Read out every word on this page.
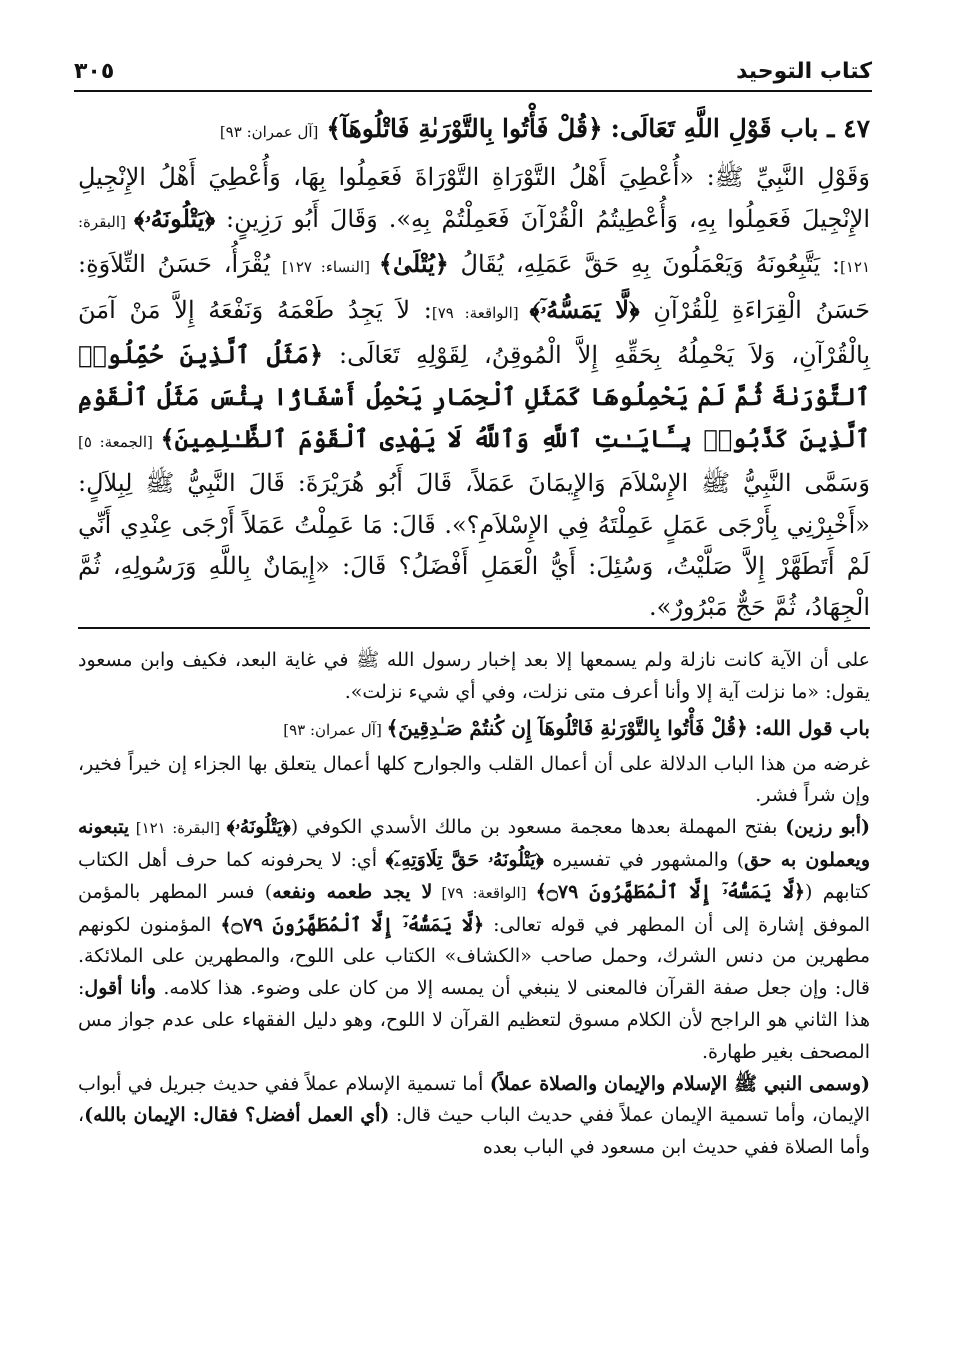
٣٠٥	كتاب التوحيد
٤٧ ـ باب قَوْلِ اللَّهِ تَعَالَى: ﴿قُلْ فَأْتُوا بِالتَّوْرَىٰةِ فَاتْلُوهَآ﴾ [آل عمران: ٩٣]

وَقَوْلِ النَّبِيِّ ﷺ: «أُعْطِيَ أَهْلُ التَّوْرَاةِ التَّوْرَاةَ فَعَمِلُوا بِهَا، وَأُعْطِيَ أَهْلُ الإِنْجِيلِ الإِنْجِيلَ فَعَمِلُوا بِهِ، وَأُعْطِيتُمُ الْقُرْآنَ فَعَمِلْتُمْ بِهِ». وَقَالَ أَبُو رَزِينٍ: ﴿يَتْلُونَهُۥ﴾ [البقرة: ١٢١]: يَتَّبِعُونَهُ وَيَعْمَلُونَ بِهِ حَقَّ عَمَلِهِ، يُقَالُ ﴿يُتْلَىٰ﴾ [النساء: ١٢٧] يُقْرَأُ، حَسَنُ التِّلاَوَةِ: حَسَنُ الْقِرَاءَةِ لِلْقُرْآنِ ﴿لَّا يَمَسُّهُۥٓ﴾ [الواقعة: ٧٩]: لاَ يَجِدُ طَعْمَهُ وَنَفْعَهُ إِلاَّ مَنْ آمَنَ بِالْقُرْآنِ، وَلاَ يَحْمِلُهُ بِحَقِّهِ إِلاَّ الْمُوقِنُ، لِقَوْلِهِ تَعَالَى: ﴿مَثَلُ ٱلَّذِينَ حُمِّلُوا۟ ٱلتَّوْرَىٰةَ ثُمَّ لَمْ يَحْمِلُوهَا كَمَثَلِ ٱلْحِمَارِ يَحْمِلُ أَسْفَارًۢا بِئْسَ مَثَلُ ٱلْقَوْمِ ٱلَّذِينَ كَذَّبُوا۟ بِـَٔايَـٰتِ ٱللَّهِ وَٱللَّهُ لَا يَهْدِى ٱلْقَوْمَ ٱلظَّـٰلِمِينَ﴾ [الجمعة: ٥] وَسَمَّى النَّبِيُّ ﷺ الإِسْلاَمَ وَالإِيمَانَ عَمَلاً، قَالَ أَبُو هُرَيْرَةَ: قَالَ النَّبِيُّ ﷺ لِبِلاَلٍ: «أَخْبِرْنِي بِأَرْجَى عَمَلٍ عَمِلْتَهُ فِي الإِسْلاَمِ؟». قَالَ: مَا عَمِلْتُ عَمَلاً أَرْجَى عِنْدِي أَنِّي لَمْ أَتَطَهَّرْ إِلاَّ صَلَّيْتُ، وَسُئِلَ: أَيُّ الْعَمَلِ أَفْضَلُ؟ قَالَ: «إِيمَانٌ بِاللَّهِ وَرَسُولِهِ، ثُمَّ الْجِهَادُ، ثُمَّ حَجٌّ مَبْرُورٌ».

على أن الآية كانت نازلة ولم يسمعها إلا بعد إخبار رسول الله ﷺ في غاية البعد، فكيف وابن مسعود يقول: «ما نزلت آية إلا وأنا أعرف متى نزلت، وفي أي شيء نزلت».

باب قول الله: ﴿قُلْ فَأْتُوا بِالتَّوْرَىٰةِ فَاتْلُوهَآ إِن كُنتُمْ صَـٰدِقِينَ﴾ [آل عمران: ٩٣]

غرضه من هذا الباب الدلالة على أن أعمال القلب والجوارح كلها أعمال يتعلق بها الجزاء إن خيراً فخير، وإن شراً فشر.

(أبو رزين) بفتح المهملة بعدها معجمة مسعود بن مالك الأسدي الكوفي (﴿يَتْلُونَهُۥ﴾ [البقرة: ١٢١] يتبعونه ويعملون به حق) والمشهور في تفسيره ﴿يَتْلُونَهُۥ حَقَّ تِلَاوَتِهِۦٓ﴾ أي: لا يحرفونه كما حرف أهل الكتاب كتابهم (﴿لَّا يَمَسُّهُۥٓ إِلَّا ٱلْمُطَهَّرُونَ ۝٧٩﴾ [الواقعة: ٧٩] لا يجد طعمه ونفعه) فسر المطهر بالمؤمن الموفق إشارة إلى أن المطهر في قوله تعالى: ﴿لَّا يَمَسُّهُۥٓ إِلَّا ٱلْمُطَهَّرُونَ ۝٧٩﴾ المؤمنون لكونهم مطهرين من دنس الشرك، وحمل صاحب «الكشاف» الكتاب على اللوح، والمطهرين على الملائكة. قال: وإن جعل صفة القرآن فالمعنى لا ينبغي أن يمسه إلا من كان على وضوء. هذا كلامه. وأنا أقول: هذا الثاني هو الراجح لأن الكلام مسوق لتعظيم القرآن لا اللوح، وهو دليل الفقهاء على عدم جواز مس المصحف بغير طهارة.

(وسمى النبي ﷺ الإسلام والإيمان والصلاة عملاً) أما تسمية الإسلام عملاً ففي حديث جبريل في أبواب الإيمان، وأما تسمية الإيمان عملاً ففي حديث الباب حيث قال: (أي العمل أفضل؟ فقال: الإيمان بالله)، وأما الصلاة ففي حديث ابن مسعود في الباب بعده
